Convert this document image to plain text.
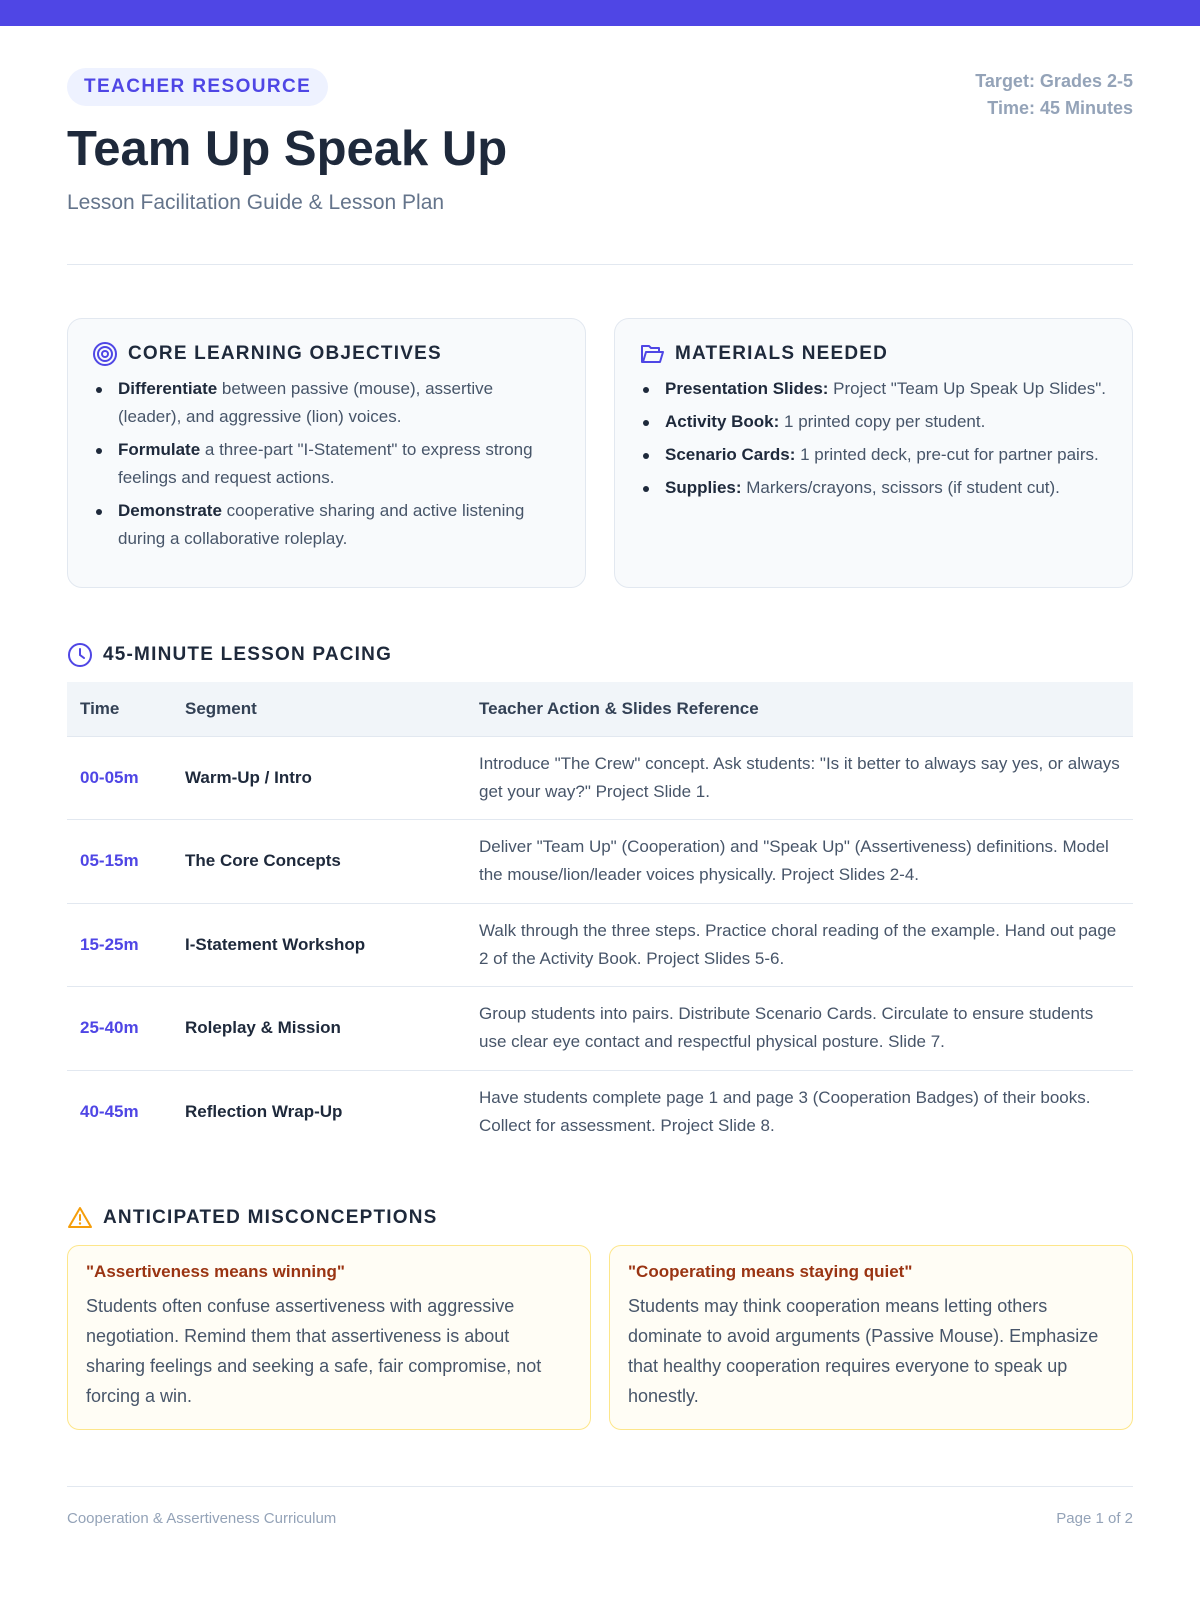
TEACHER RESOURCE
Team Up Speak Up
Lesson Facilitation Guide & Lesson Plan
Target: Grades 2-5
Time: 45 Minutes
CORE LEARNING OBJECTIVES
Differentiate between passive (mouse), assertive (leader), and aggressive (lion) voices.
Formulate a three-part "I-Statement" to express strong feelings and request actions.
Demonstrate cooperative sharing and active listening during a collaborative roleplay.
MATERIALS NEEDED
Presentation Slides: Project "Team Up Speak Up Slides".
Activity Book: 1 printed copy per student.
Scenario Cards: 1 printed deck, pre-cut for partner pairs.
Supplies: Markers/crayons, scissors (if student cut).
45-MINUTE LESSON PACING
Time	Segment	Teacher Action & Slides Reference
00-05m	Warm-Up / Intro	Introduce "The Crew" concept. Ask students: "Is it better to always say yes, or always get your way?" Project Slide 1.
05-15m	The Core Concepts	Deliver "Team Up" (Cooperation) and "Speak Up" (Assertiveness) definitions. Model the mouse/lion/leader voices physically. Project Slides 2-4.
15-25m	I-Statement Workshop	Walk through the three steps. Practice choral reading of the example. Hand out page 2 of the Activity Book. Project Slides 5-6.
25-40m	Roleplay & Mission	Group students into pairs. Distribute Scenario Cards. Circulate to ensure students use clear eye contact and respectful physical posture. Slide 7.
40-45m	Reflection Wrap-Up	Have students complete page 1 and page 3 (Cooperation Badges) of their books. Collect for assessment. Project Slide 8.
ANTICIPATED MISCONCEPTIONS
"Assertiveness means winning"
Students often confuse assertiveness with aggressive negotiation. Remind them that assertiveness is about sharing feelings and seeking a safe, fair compromise, not forcing a win.
"Cooperating means staying quiet"
Students may think cooperation means letting others dominate to avoid arguments (Passive Mouse). Emphasize that healthy cooperation requires everyone to speak up honestly.
Cooperation & Assertiveness Curriculum	Page 1 of 2
